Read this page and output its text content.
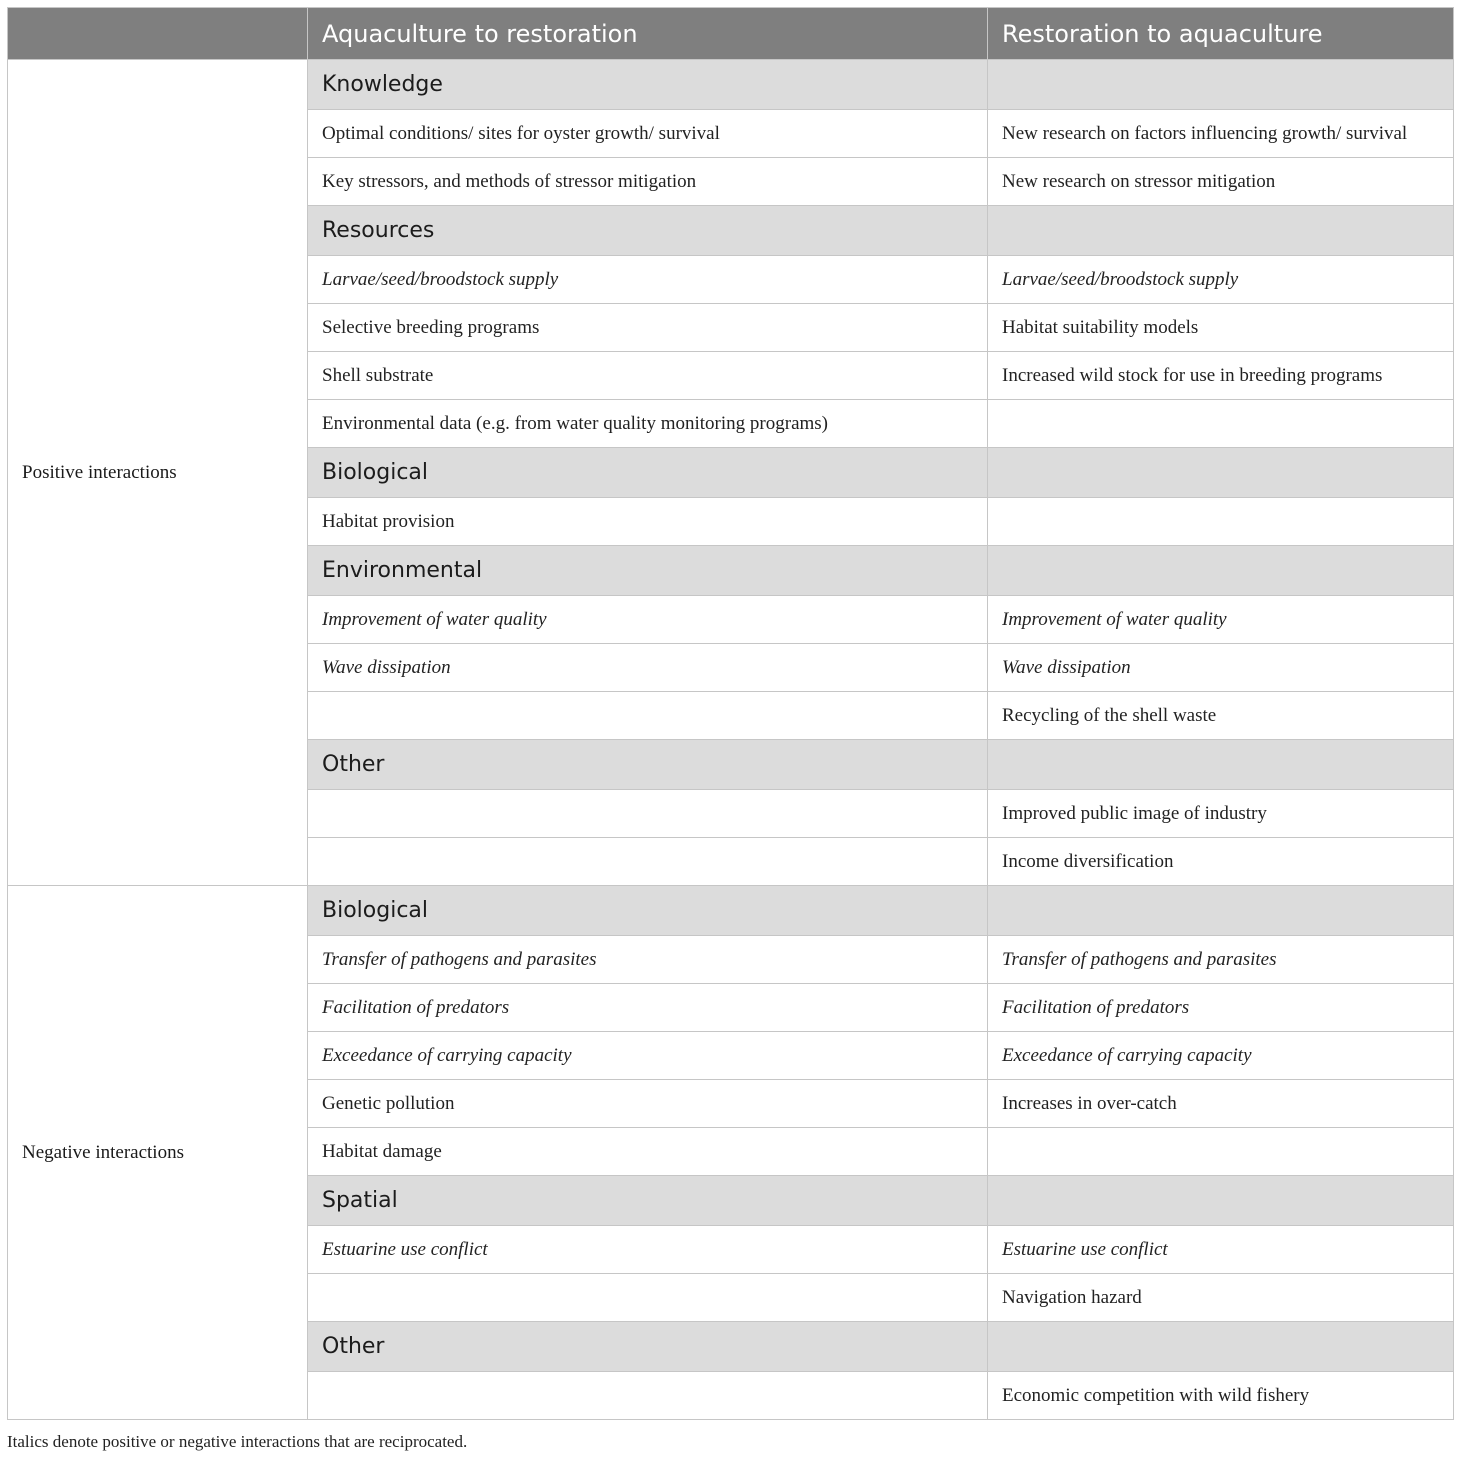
	Aquaculture to restoration	Restoration to aquaculture
Positive interactions	Knowledge	
	Optimal conditions/ sites for oyster growth/ survival	New research on factors influencing growth/ survival
	Key stressors, and methods of stressor mitigation	New research on stressor mitigation
	Resources	
	Larvae/seed/broodstock supply	Larvae/seed/broodstock supply
	Selective breeding programs	Habitat suitability models
	Shell substrate	Increased wild stock for use in breeding programs
	Environmental data (e.g. from water quality monitoring programs)	
	Biological	
	Habitat provision	
	Environmental	
	Improvement of water quality	Improvement of water quality
	Wave dissipation	Wave dissipation
		Recycling of the shell waste
	Other	
		Improved public image of industry
		Income diversification
Negative interactions	Biological	
	Transfer of pathogens and parasites	Transfer of pathogens and parasites
	Facilitation of predators	Facilitation of predators
	Exceedance of carrying capacity	Exceedance of carrying capacity
	Genetic pollution	Increases in over-catch
	Habitat damage	
	Spatial	
	Estuarine use conflict	Estuarine use conflict
		Navigation hazard
	Other	
		Economic competition with wild fishery
Italics denote positive or negative interactions that are reciprocated.
